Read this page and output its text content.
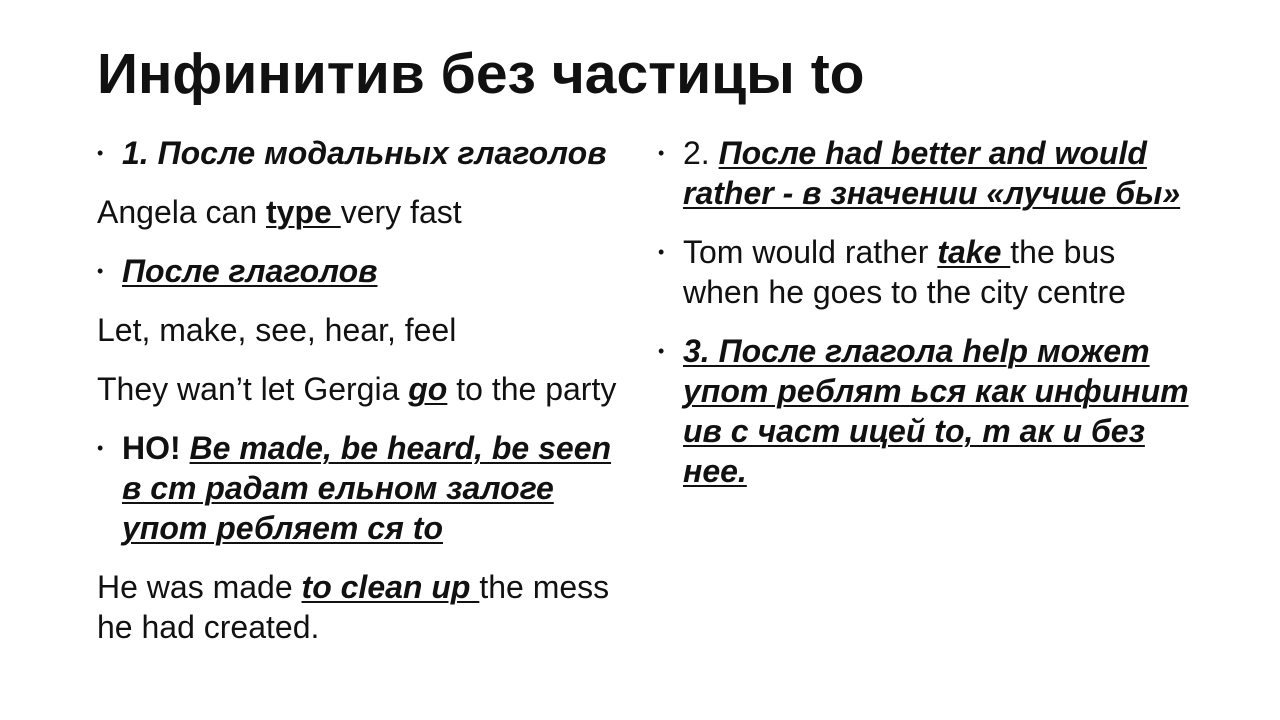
Инфинитив без частицы to
• 1. После модальных глаголов
Angela can type very fast
• После глаголов
Let, make, see, hear, feel
They wan’t let Gergia go to the party
• НО! Be made, be heard, be seen в ст радат ельном залоге упот ребляет ся to
He was made to clean up the mess he had created.
• 2. После had better and would rather - в значении «лучше бы»
• Tom would rather take the bus when he goes to the city centre
• 3. После глагола help может упот реблят ься как инфинит ив с част ицей to, т ак и без нее.
